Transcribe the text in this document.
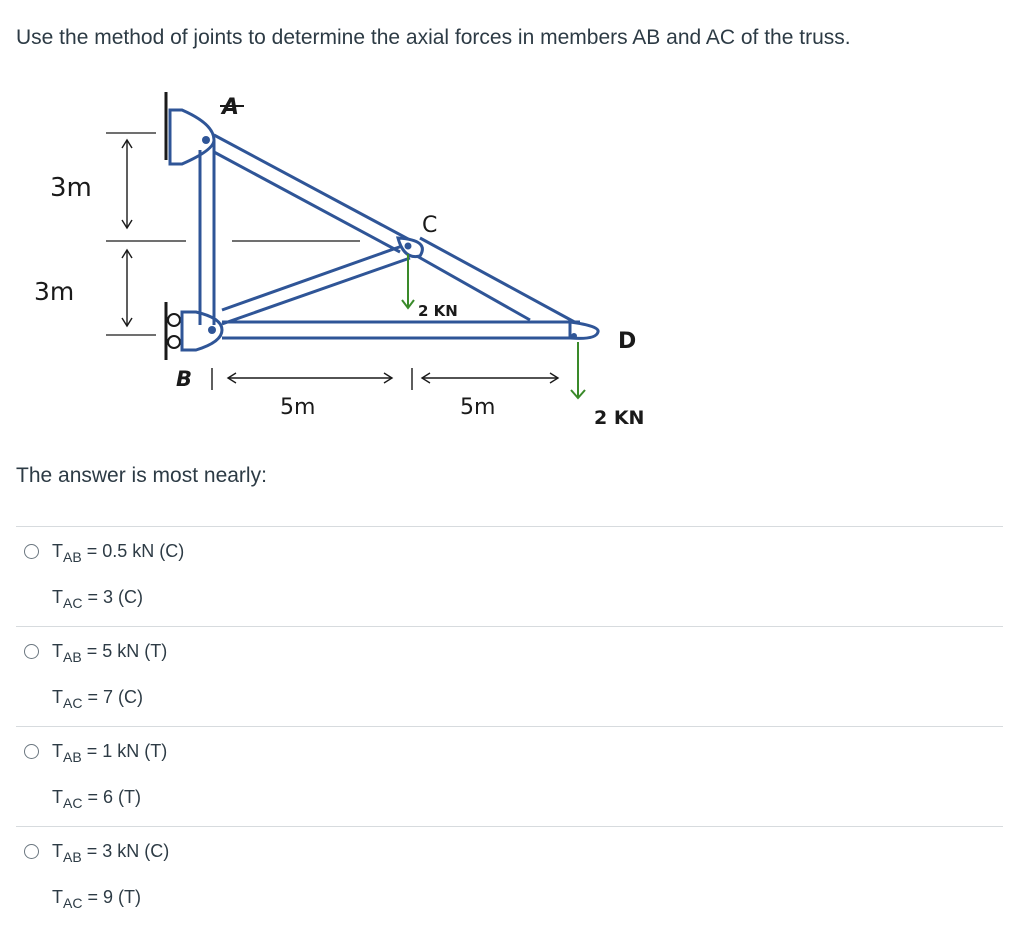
Use the method of joints to determine the axial forces in members AB and AC of the truss.
A
C
D
B
3m
3m
5m	5m
2 KN
2 KN
The answer is most nearly:
$T_{AB} = 0.5$ kN (C)
$T_{AC} = 3$ (C)
$T_{AB} = 5$ kN (T)
$T_{AC} = 7$ (C)
$T_{AB} = 1$ kN (T)
$T_{AC} = 6$ (T)
$T_{AB} = 3$ kN (C)
$T_{AC} = 9$ (T)
